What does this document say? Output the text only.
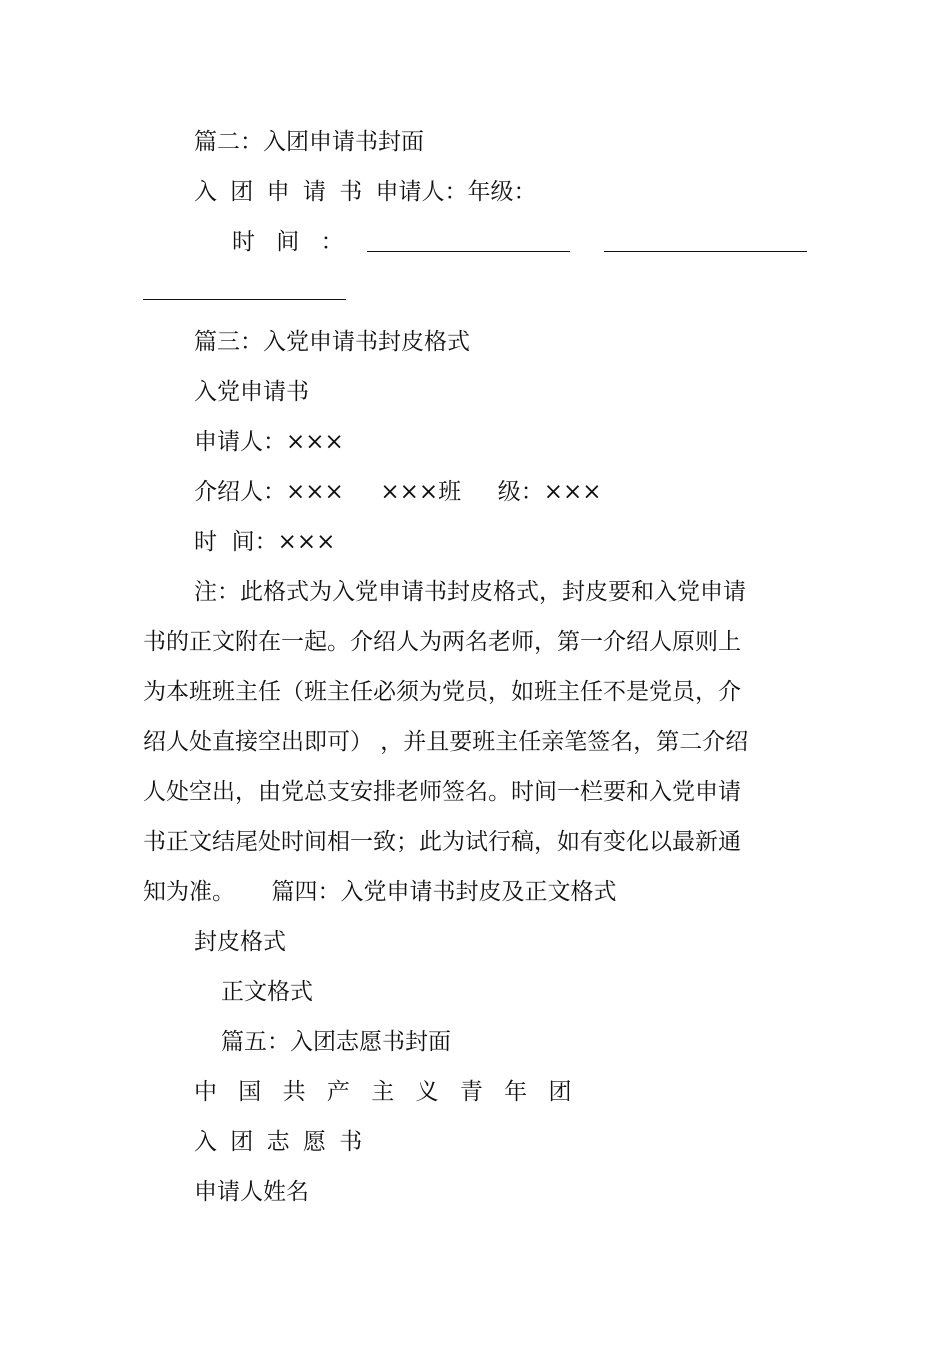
篇二：入团申请书封面
入 团 申 请 书 申请人：年级：
时 间 ：
篇三：入党申请书封皮格式
入党申请书
申请人：×××
介绍人：×××     ×××班     级：×××
时  间：×××
注：此格式为入党申请书封皮格式，封皮要和入党申请
书的正文附在一起。介绍人为两名老师，第一介绍人原则上
为本班班主任（班主任必须为党员，如班主任不是党员，介
绍人处直接空出即可） ，并且要班主任亲笔签名，第二介绍
人处空出，由党总支安排老师签名。时间一栏要和入党申请
书正文结尾处时间相一致；此为试行稿，如有变化以最新通
知为准。     篇四：入党申请书封皮及正文格式
封皮格式
正文格式
篇五：入团志愿书封面
中 国 共 产 主 义 青 年 团
入 团 志 愿 书
申请人姓名
